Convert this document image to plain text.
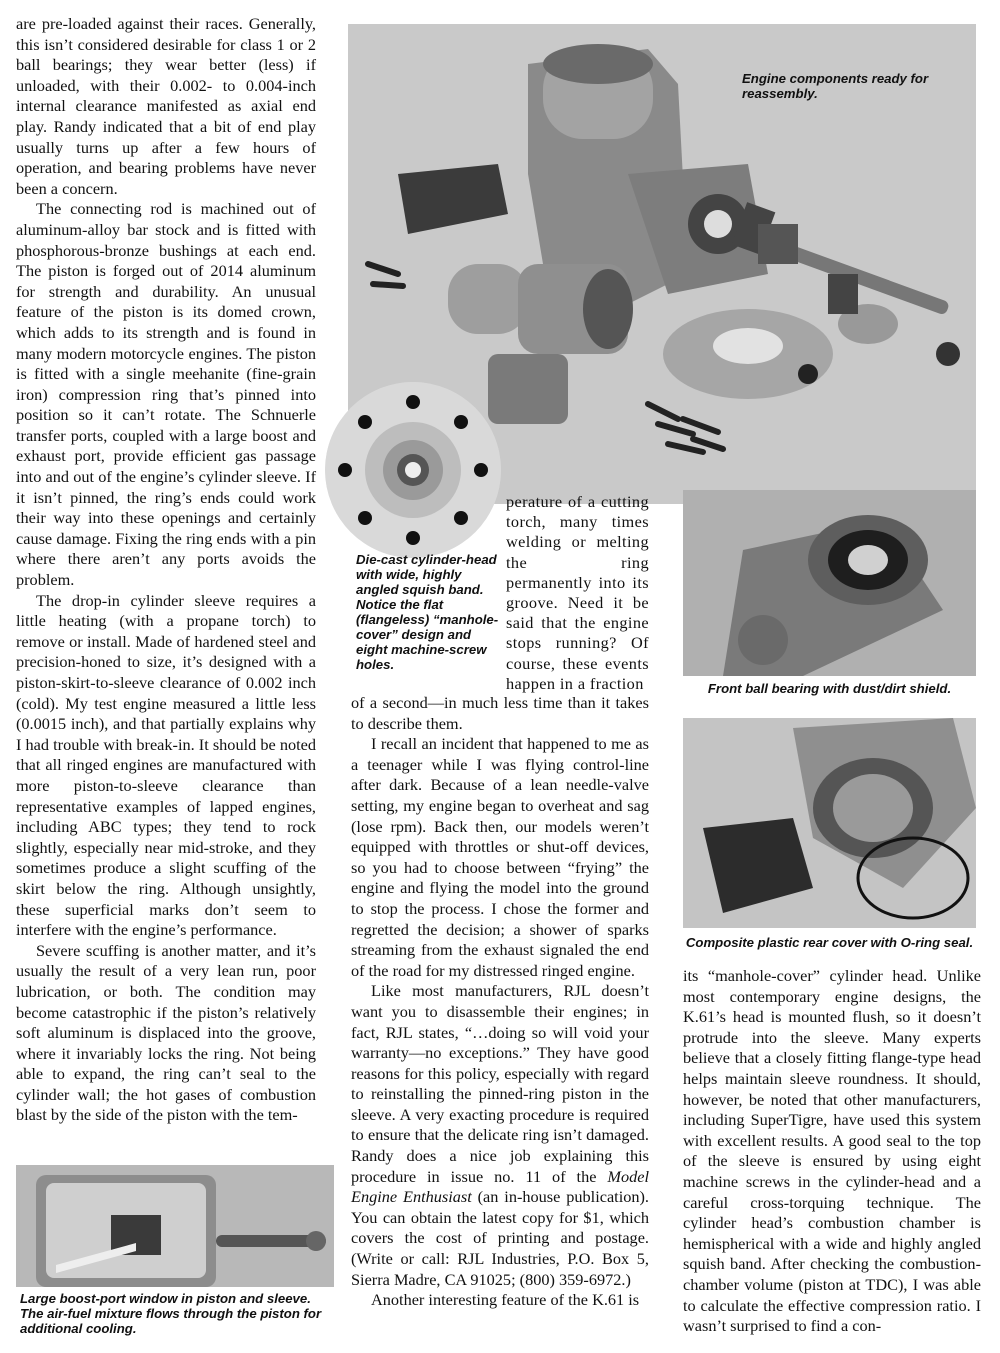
are pre-loaded against their races. Generally, this isn’t considered desirable for class 1 or 2 ball bearings; they wear better (less) if unloaded, with their 0.002- to 0.004-inch internal clearance manifested as axial end play. Randy indicated that a bit of end play usually turns up after a few hours of operation, and bearing problems have never been a concern.

The connecting rod is machined out of aluminum-alloy bar stock and is fitted with phosphorous-bronze bushings at each end. The piston is forged out of 2014 aluminum for strength and durability. An unusual feature of the piston is its domed crown, which adds to its strength and is found in many modern motorcycle engines. The piston is fitted with a single meehanite (fine-grain iron) compression ring that’s pinned into position so it can’t rotate. The Schnuerle transfer ports, coupled with a large boost and exhaust port, provide efficient gas passage into and out of the engine’s cylinder sleeve. If it isn’t pinned, the ring’s ends could work their way into these openings and certainly cause damage. Fixing the ring ends with a pin where there aren’t any ports avoids the problem.

The drop-in cylinder sleeve requires a little heating (with a propane torch) to remove or install. Made of hardened steel and precision-honed to size, it’s designed with a piston-skirt-to-sleeve clearance of 0.002 inch (cold). My test engine measured a little less (0.0015 inch), and that partially explains why I had trouble with break-in. It should be noted that all ringed engines are manufactured with more piston-to-sleeve clearance than representative examples of lapped engines, including ABC types; they tend to rock slightly, especially near mid-stroke, and they sometimes produce a slight scuffing of the skirt below the ring. Although unsightly, these superficial marks don’t seem to interfere with the engine’s performance.

Severe scuffing is another matter, and it’s usually the result of a very lean run, poor lubrication, or both. The condition may become catastrophic if the piston’s relatively soft aluminum is displaced into the groove, where it invariably locks the ring. Not being able to expand, the ring can’t seal to the cylinder wall; the hot gases of combustion blast by the side of the piston with the tem-

Large boost-port window in piston and sleeve. The air-fuel mixture flows through the piston for additional cooling.
Engine components ready for reassembly.
Die-cast cylinder-head with wide, highly angled squish band. Notice the flat (flangeless) “manhole-cover” design and eight machine-screw holes.

perature of a cutting torch, many times welding or melting the ring permanently into its groove. Need it be said that the engine stops running? Of course, these events happen in a fraction

of a second—in much less time than it takes to describe them.

I recall an incident that happened to me as a teenager while I was flying control-line after dark. Because of a lean needle-valve setting, my engine began to overheat and sag (lose rpm). Back then, our models weren’t equipped with throttles or shut-off devices, so you had to choose between “frying” the engine and flying the model into the ground to stop the process. I chose the former and regretted the decision; a shower of sparks streaming from the exhaust signaled the end of the road for my distressed ringed engine.

Like most manufacturers, RJL doesn’t want you to disassemble their engines; in fact, RJL states, “…doing so will void your warranty—no exceptions.” They have good reasons for this policy, especially with regard to reinstalling the pinned-ring piston in the sleeve. A very exacting procedure is required to ensure that the delicate ring isn’t damaged. Randy does a nice job explaining this procedure in issue no. 11 of the Model Engine Enthusiast (an in-house publication). You can obtain the latest copy for $1, which covers the cost of printing and postage. (Write or call: RJL Industries, P.O. Box 5, Sierra Madre, CA 91025; (800) 359-6972.)

Another interesting feature of the K.61 is

Front ball bearing with dust/dirt shield.
Composite plastic rear cover with O-ring seal.

its “manhole-cover” cylinder head. Unlike most contemporary engine designs, the K.61’s head is mounted flush, so it doesn’t protrude into the sleeve. Many experts believe that a closely fitting flange-type head helps maintain sleeve roundness. It should, however, be noted that other manufacturers, including SuperTigre, have used this system with excellent results. A good seal to the top of the sleeve is ensured by using eight machine screws in the cylinder-head and a careful cross-torquing technique. The cylinder head’s combustion chamber is hemispherical with a wide and highly angled squish band. After checking the combustion-chamber volume (piston at TDC), I was able to calculate the effective compression ratio. I wasn’t surprised to find a con-
